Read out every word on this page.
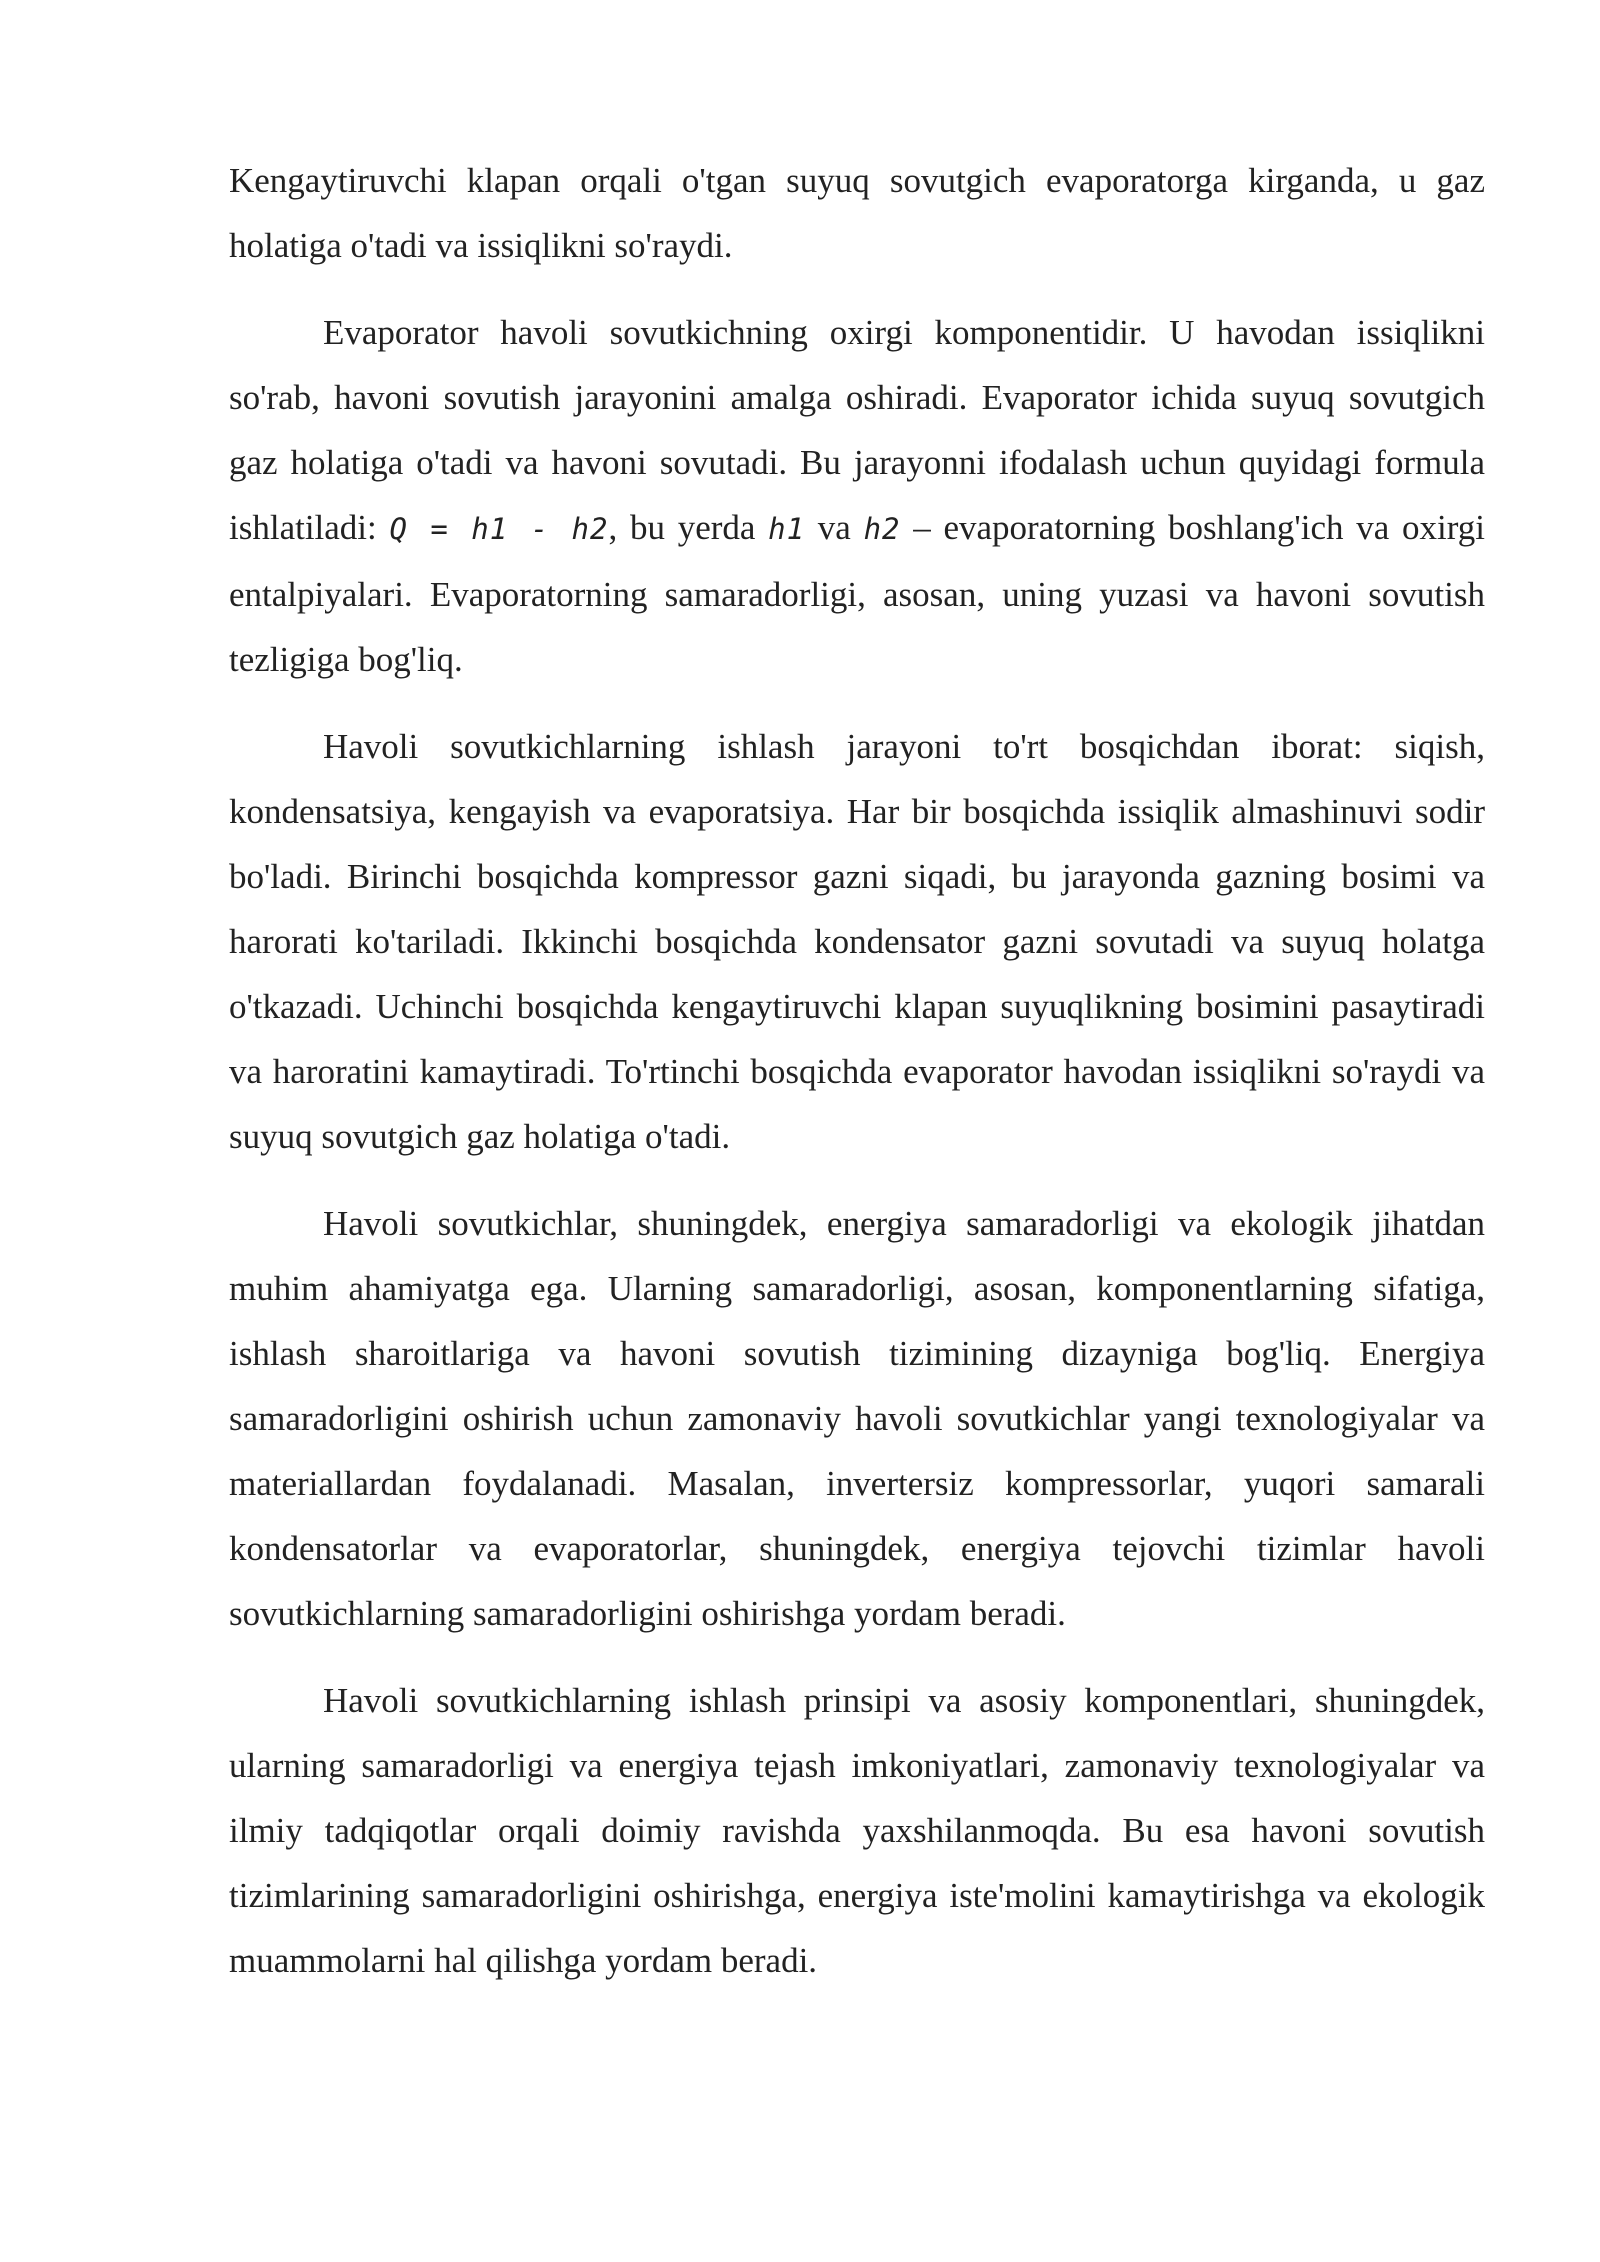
Kengaytiruvchi klapan orqali o'tgan suyuq sovutgich evaporatorga kirganda, u gaz holatiga o'tadi va issiqlikni so'raydi.

Evaporator havoli sovutkichning oxirgi komponentidir. U havodan issiqlikni so'rab, havoni sovutish jarayonini amalga oshiradi. Evaporator ichida suyuq sovutgich gaz holatiga o'tadi va havoni sovutadi. Bu jarayonni ifodalash uchun quyidagi formula ishlatiladi: Q = h1 - h2, bu yerda h1 va h2 – evaporatorning boshlang'ich va oxirgi entalpiyalari. Evaporatorning samaradorligi, asosan, uning yuzasi va havoni sovutish tezligiga bog'liq.

Havoli sovutkichlarning ishlash jarayoni to'rt bosqichdan iborat: siqish, kondensatsiya, kengayish va evaporatsiya. Har bir bosqichda issiqlik almashinuvi sodir bo'ladi. Birinchi bosqichda kompressor gazni siqadi, bu jarayonda gazning bosimi va harorati ko'tariladi. Ikkinchi bosqichda kondensator gazni sovutadi va suyuq holatga o'tkazadi. Uchinchi bosqichda kengaytiruvchi klapan suyuqlikning bosimini pasaytiradi va haroratini kamaytiradi. To'rtinchi bosqichda evaporator havodan issiqlikni so'raydi va suyuq sovutgich gaz holatiga o'tadi.

Havoli sovutkichlar, shuningdek, energiya samaradorligi va ekologik jihatdan muhim ahamiyatga ega. Ularning samaradorligi, asosan, komponentlarning sifatiga, ishlash sharoitlariga va havoni sovutish tizimining dizayniga bog'liq. Energiya samaradorligini oshirish uchun zamonaviy havoli sovutkichlar yangi texnologiyalar va materiallardan foydalanadi. Masalan, invertersiz kompressorlar, yuqori samarali kondensatorlar va evaporatorlar, shuningdek, energiya tejovchi tizimlar havoli sovutkichlarning samaradorligini oshirishga yordam beradi.

Havoli sovutkichlarning ishlash prinsipi va asosiy komponentlari, shuningdek, ularning samaradorligi va energiya tejash imkoniyatlari, zamonaviy texnologiyalar va ilmiy tadqiqotlar orqali doimiy ravishda yaxshilanmoqda. Bu esa havoni sovutish tizimlarining samaradorligini oshirishga, energiya iste'molini kamaytirishga va ekologik muammolarni hal qilishga yordam beradi.
